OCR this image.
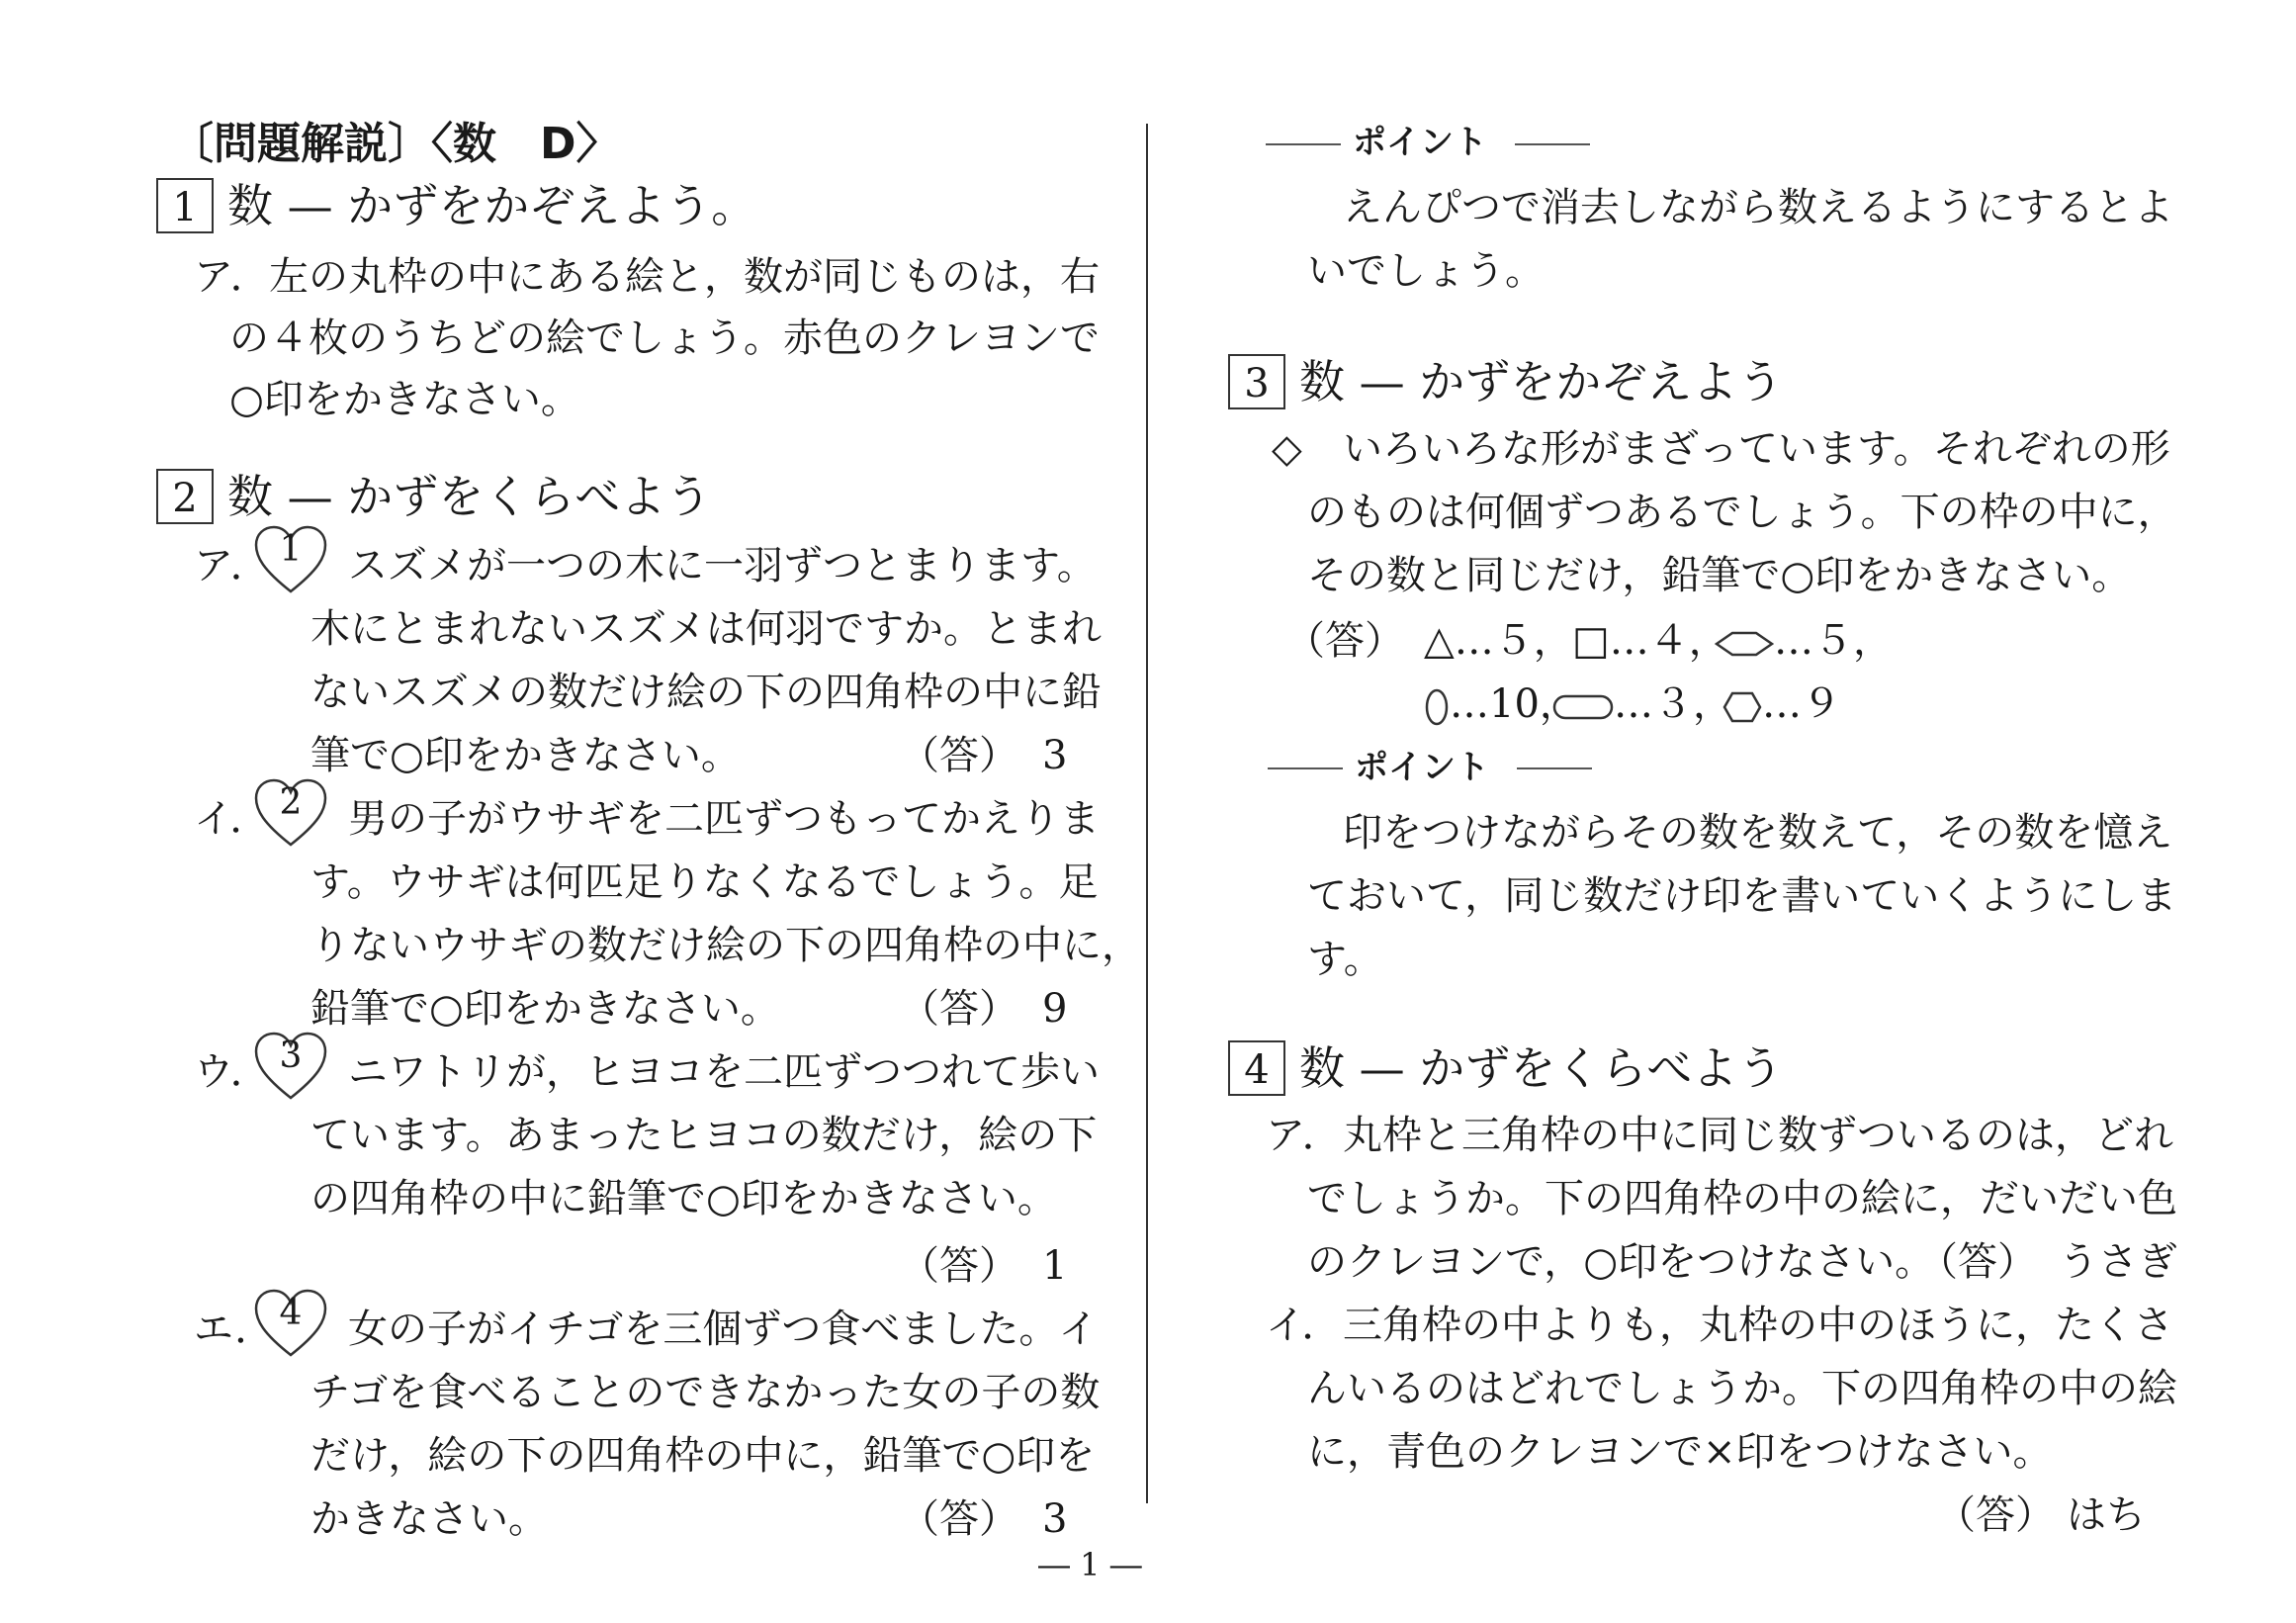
〔問題解説〕〈数　D〉
1 数 — かずをかぞえよう。
ア． 左の丸枠の中にある絵と，数が同じものは，右
の４枚のうちどの絵でしょう。赤色のクレヨンで
○印をかきなさい。
2 数 — かずをくらべよう
ア． 1	スズメが一つの木に一羽ずつとまります。
木にとまれないスズメは何羽ですか。とまれ
ないスズメの数だけ絵の下の四角枠の中に鉛
筆で○印をかきなさい。	（答） 3
イ． 2	男の子がウサギを二匹ずつもってかえりま
す。ウサギは何匹足りなくなるでしょう。足
りないウサギの数だけ絵の下の四角枠の中に，
鉛筆で○印をかきなさい。	（答） 9
ウ． 3	ニワトリが，ヒヨコを二匹ずつつれて歩い
ています。あまったヒヨコの数だけ，絵の下
の四角枠の中に鉛筆で○印をかきなさい。
（答） 1
エ． 4	女の子がイチゴを三個ずつ食べました。イ
チゴを食べることのできなかった女の子の数
だけ，絵の下の四角枠の中に，鉛筆で○印を
かきなさい。	（答） 3
ポイント
えんぴつで消去しながら数えるようにするとよ
いでしょう。
3 数 — かずをかぞえよう
◇ いろいろな形がまざっています。それぞれの形
のものは何個ずつあるでしょう。下の枠の中に，
その数と同じだけ，鉛筆で○印をかきなさい。
（答） △…５， □…４，	…５，
…10， …３， …９
ポイント
印をつけながらその数を数えて，その数を憶え
ておいて，同じ数だけ印を書いていくようにしま
す。
4 数 — かずをくらべよう
ア． 丸枠と三角枠の中に同じ数ずついるのは，どれ
でしょうか。下の四角枠の中の絵に，だいだい色
のクレヨンで，○印をつけなさい。
（答） うさぎ
イ． 三角枠の中よりも，丸枠の中のほうに，たくさ
んいるのはどれでしょうか。下の四角枠の中の絵
に，青色のクレヨンで×印をつけなさい。
（答） はち
― 1 ―
